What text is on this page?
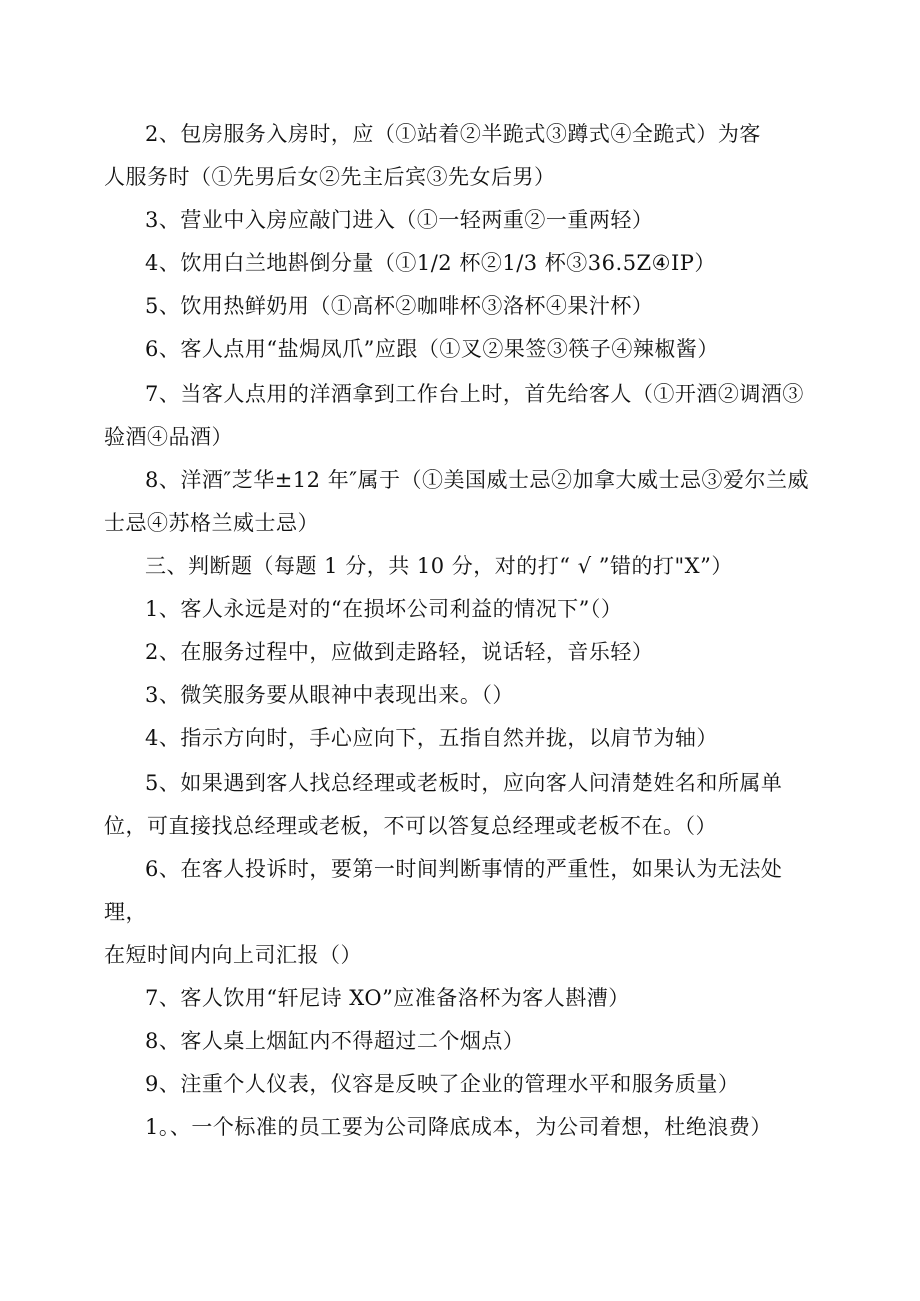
2、包房服务入房时，应（①站着②半跪式③蹲式④全跪式）为客
人服务时（①先男后女②先主后宾③先女后男）
3、营业中入房应敲门进入（①一轻两重②一重两轻）
4、饮用白兰地斟倒分量（①1/2 杯②1/3 杯③36.5Z④IP）
5、饮用热鲜奶用（①高杯②咖啡杯③洛杯④果汁杯）
6、客人点用“盐焗凤爪”应跟（①叉②果签③筷子④辣椒酱）
7、当客人点用的洋酒拿到工作台上时，首先给客人（①开酒②调酒③
验酒④品酒）
8、洋酒″芝华±12 年″属于（①美国威士忌②加拿大威士忌③爱尔兰威
士忌④苏格兰威士忌）
三、判断题（每题 1 分，共 10 分，对的打“ √ ”错的打"X”）
1、客人永远是对的“在损坏公司利益的情况下”（）
2、在服务过程中，应做到走路轻，说话轻，音乐轻）
3、微笑服务要从眼神中表现出来。（）
4、指示方向时，手心应向下，五指自然并拢，以肩节为轴）
5、如果遇到客人找总经理或老板时，应向客人问清楚姓名和所属单
位，可直接找总经理或老板，不可以答复总经理或老板不在。（）
6、在客人投诉时，要第一时间判断事情的严重性，如果认为无法处
理，
在短时间内向上司汇报（）
7、客人饮用“轩尼诗 XO”应准备洛杯为客人斟漕）
8、客人桌上烟缸内不得超过二个烟点）
9、注重个人仪表，仪容是反映了企业的管理水平和服务质量）
1。、一个标准的员工要为公司降底成本，为公司着想，杜绝浪费）
